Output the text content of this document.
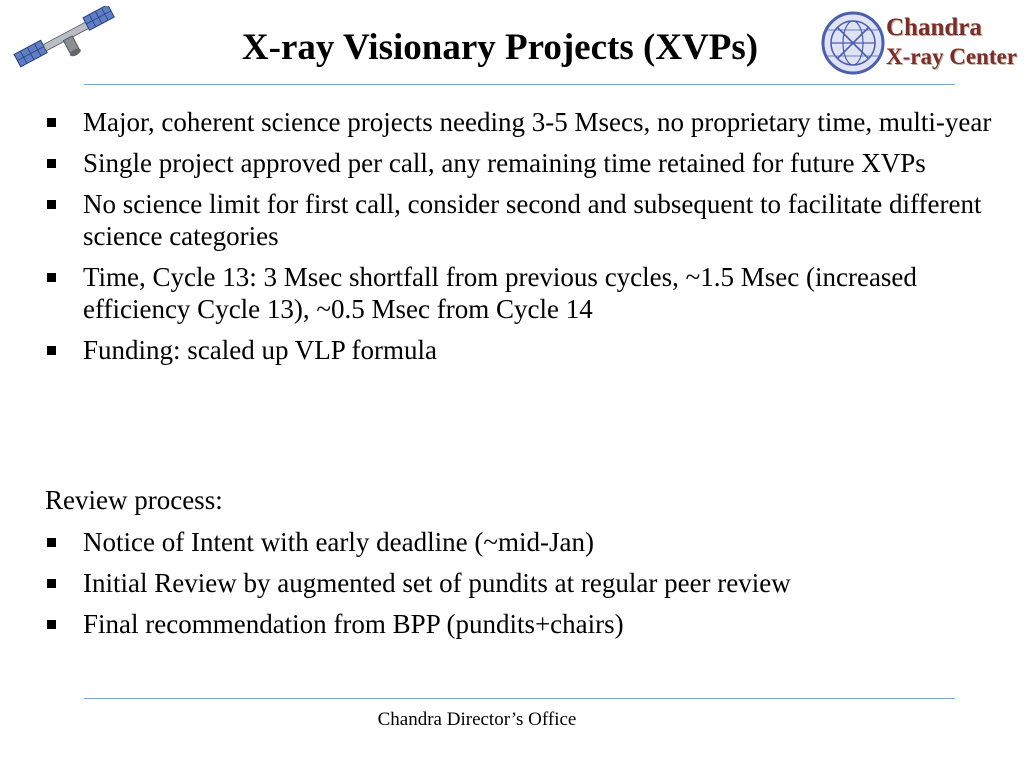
X-ray Visionary Projects (XVPs)	Chandra
X-ray Center
Major, coherent science projects needing 3-5 Msecs, no proprietary time, multi-year
Single project approved per call, any remaining time retained for future XVPs
No science limit for first call, consider second and subsequent to facilitate different science categories
Time, Cycle 13: 3 Msec shortfall from previous cycles, ~1.5 Msec (increased efficiency Cycle 13), ~0.5 Msec from Cycle 14
Funding: scaled up VLP formula
Review process:
Notice of Intent with early deadline (~mid-Jan)
Initial Review by augmented set of pundits at regular peer review
Final recommendation from BPP (pundits+chairs)
Chandra Director’s Office
